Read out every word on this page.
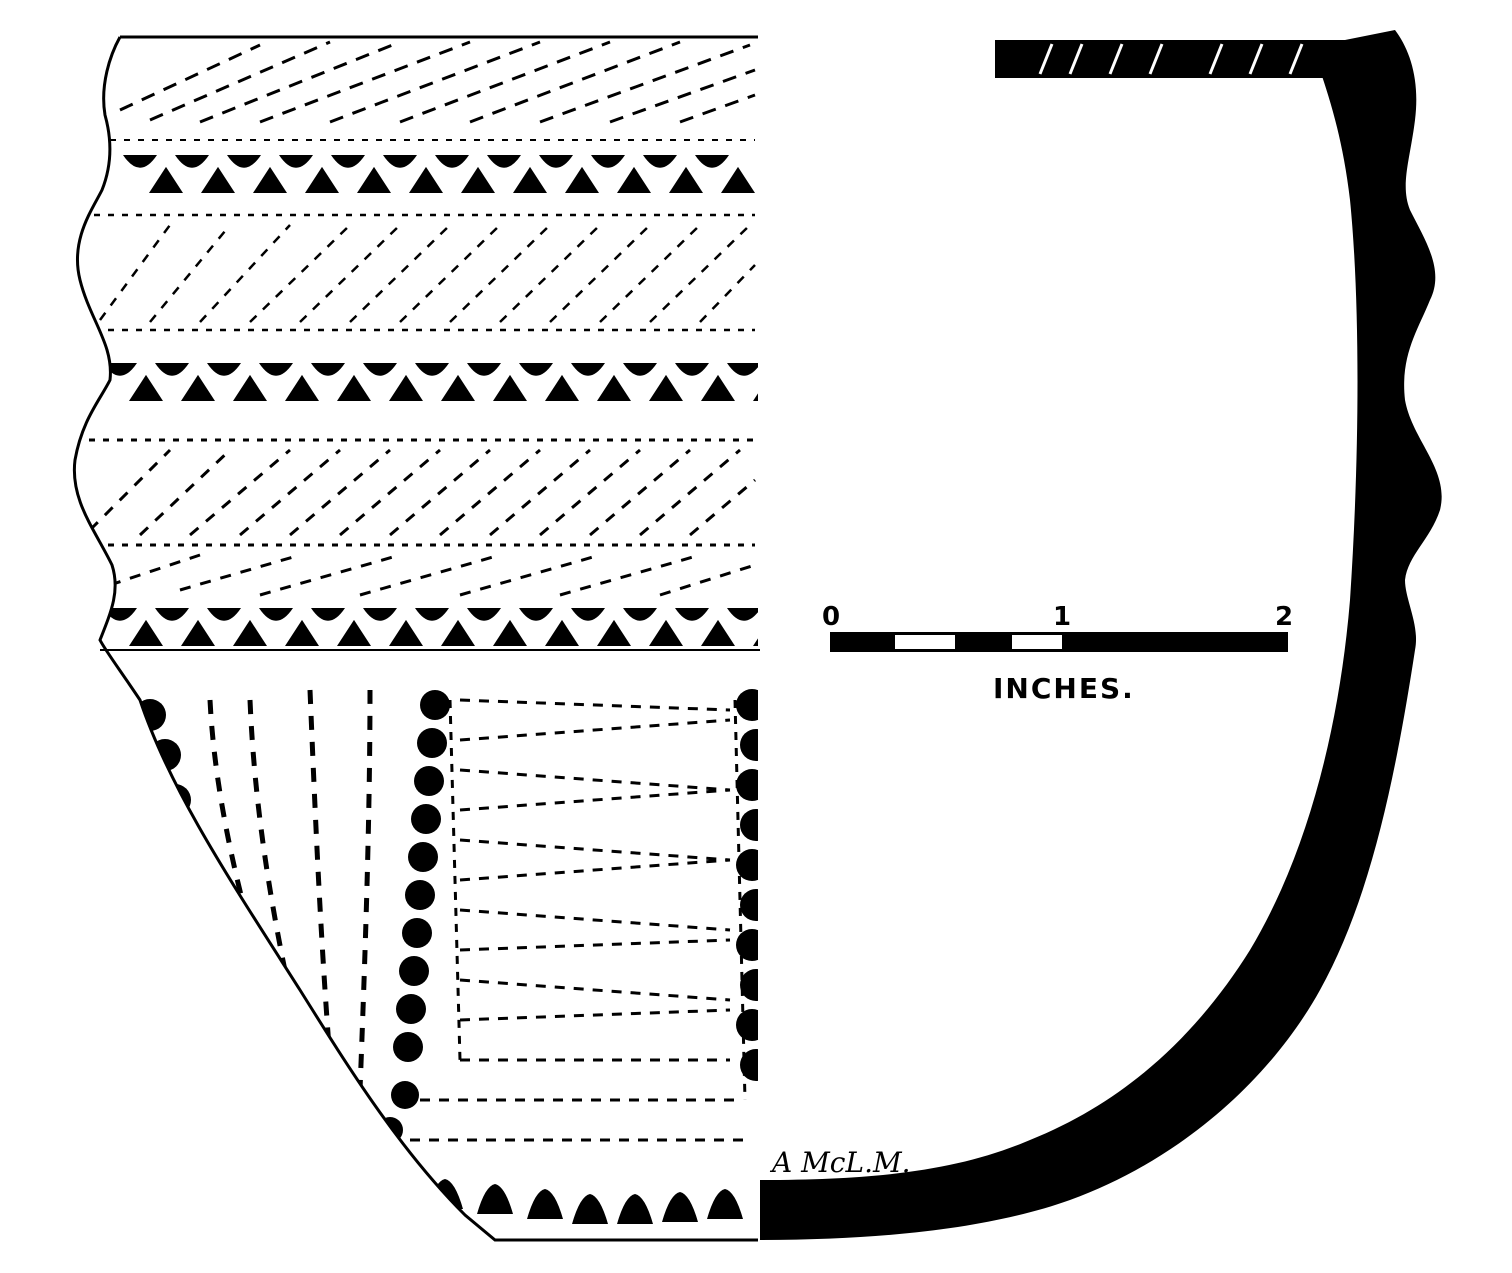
0	1	2
INCHES.
A McL.M.
